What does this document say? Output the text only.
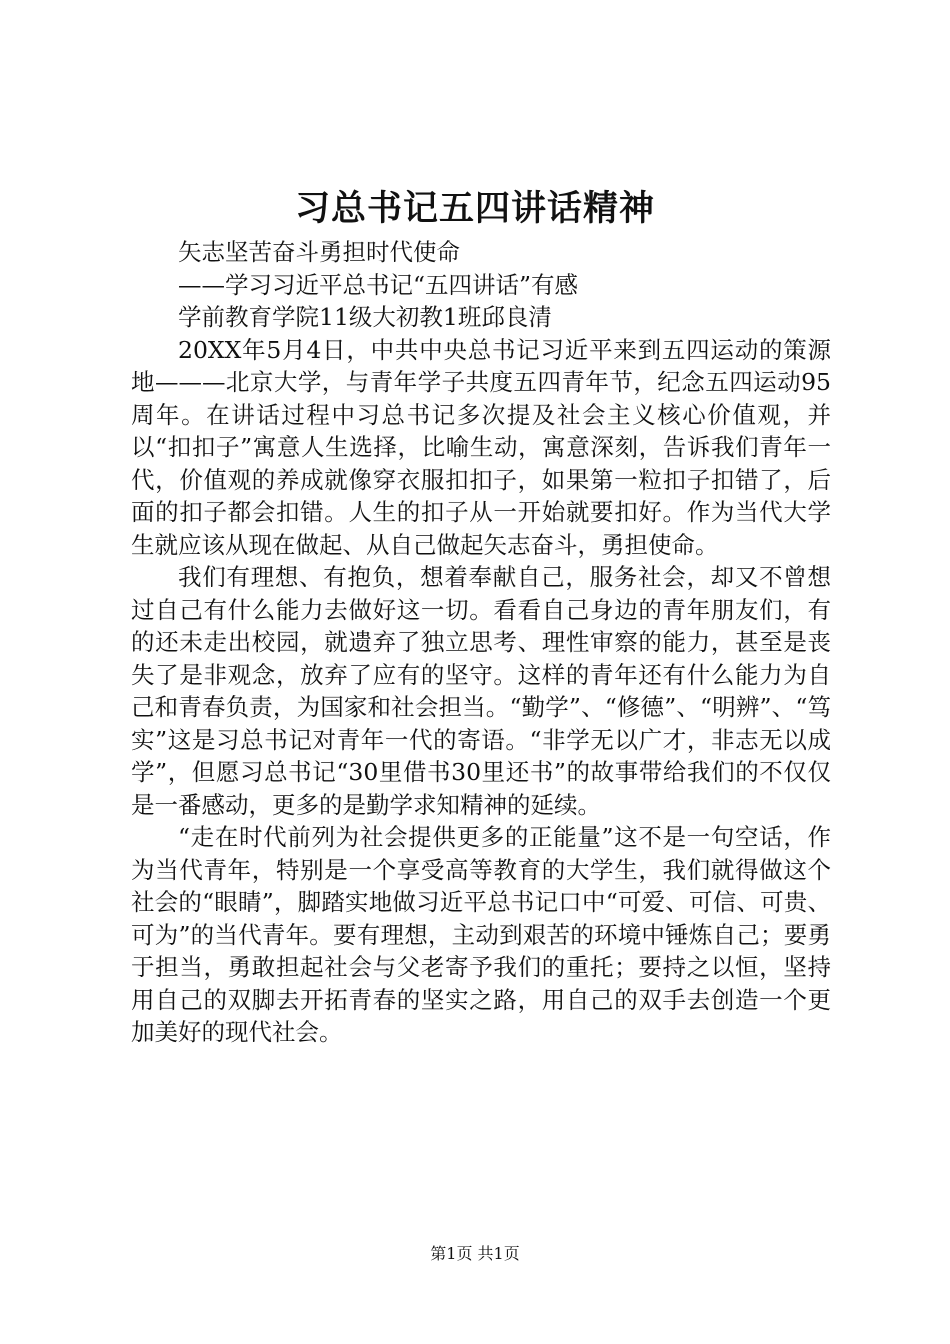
习总书记五四讲话精神

矢志坚苦奋斗勇担时代使命

——学习习近平总书记“五四讲话”有感

学前教育学院11级大初教1班邱良清

20XX年5月4日，中共中央总书记习近平来到五四运动的策源地———北京大学，与青年学子共度五四青年节，纪念五四运动95周年。在讲话过程中习总书记多次提及社会主义核心价值观，并以“扣扣子”寓意人生选择，比喻生动，寓意深刻，告诉我们青年一代，价值观的养成就像穿衣服扣扣子，如果第一粒扣子扣错了，后面的扣子都会扣错。人生的扣子从一开始就要扣好。作为当代大学生就应该从现在做起、从自己做起矢志奋斗，勇担使命。

我们有理想、有抱负，想着奉献自己，服务社会，却又不曾想过自己有什么能力去做好这一切。看看自己身边的青年朋友们，有的还未走出校园，就遗弃了独立思考、理性审察的能力，甚至是丧失了是非观念，放弃了应有的坚守。这样的青年还有什么能力为自己和青春负责，为国家和社会担当。“勤学”、“修德”、“明辨”、“笃实”这是习总书记对青年一代的寄语。“非学无以广才，非志无以成学”，但愿习总书记“30里借书30里还书”的故事带给我们的不仅仅是一番感动，更多的是勤学求知精神的延续。

“走在时代前列为社会提供更多的正能量”这不是一句空话，作为当代青年，特别是一个享受高等教育的大学生，我们就得做这个社会的“眼睛”，脚踏实地做习近平总书记口中“可爱、可信、可贵、可为”的当代青年。要有理想，主动到艰苦的环境中锤炼自己；要勇于担当，勇敢担起社会与父老寄予我们的重托；要持之以恒，坚持用自己的双脚去开拓青春的坚实之路，用自己的双手去创造一个更加美好的现代社会。

第1页 共1页
